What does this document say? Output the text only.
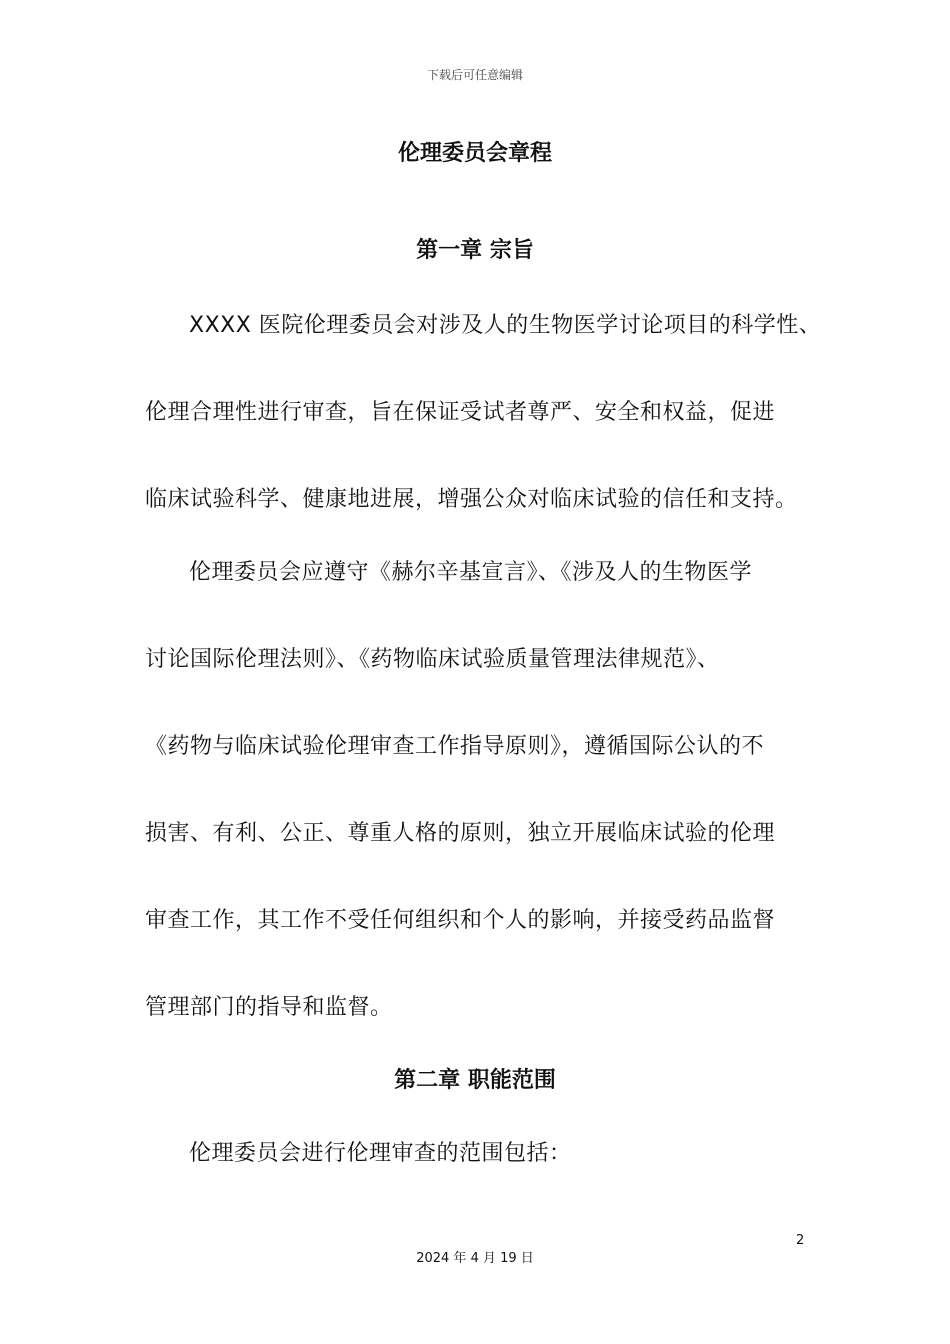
下载后可任意编辑
伦理委员会章程
第一章 宗旨
XXXX 医院伦理委员会对涉及人的生物医学讨论项目的科学性、
伦理合理性进行审查，旨在保证受试者尊严、安全和权益，促进
临床试验科学、健康地进展，增强公众对临床试验的信任和支持。
伦理委员会应遵守《赫尔辛基宣言》、《涉及人的生物医学
讨论国际伦理法则》、《药物临床试验质量管理法律规范》、
《药物与临床试验伦理审查工作指导原则》，遵循国际公认的不
损害、有利、公正、尊重人格的原则，独立开展临床试验的伦理
审查工作，其工作不受任何组织和个人的影响，并接受药品监督
管理部门的指导和监督。
第二章 职能范围
伦理委员会进行伦理审查的范围包括：
2
2024 年 4 月 19 日
